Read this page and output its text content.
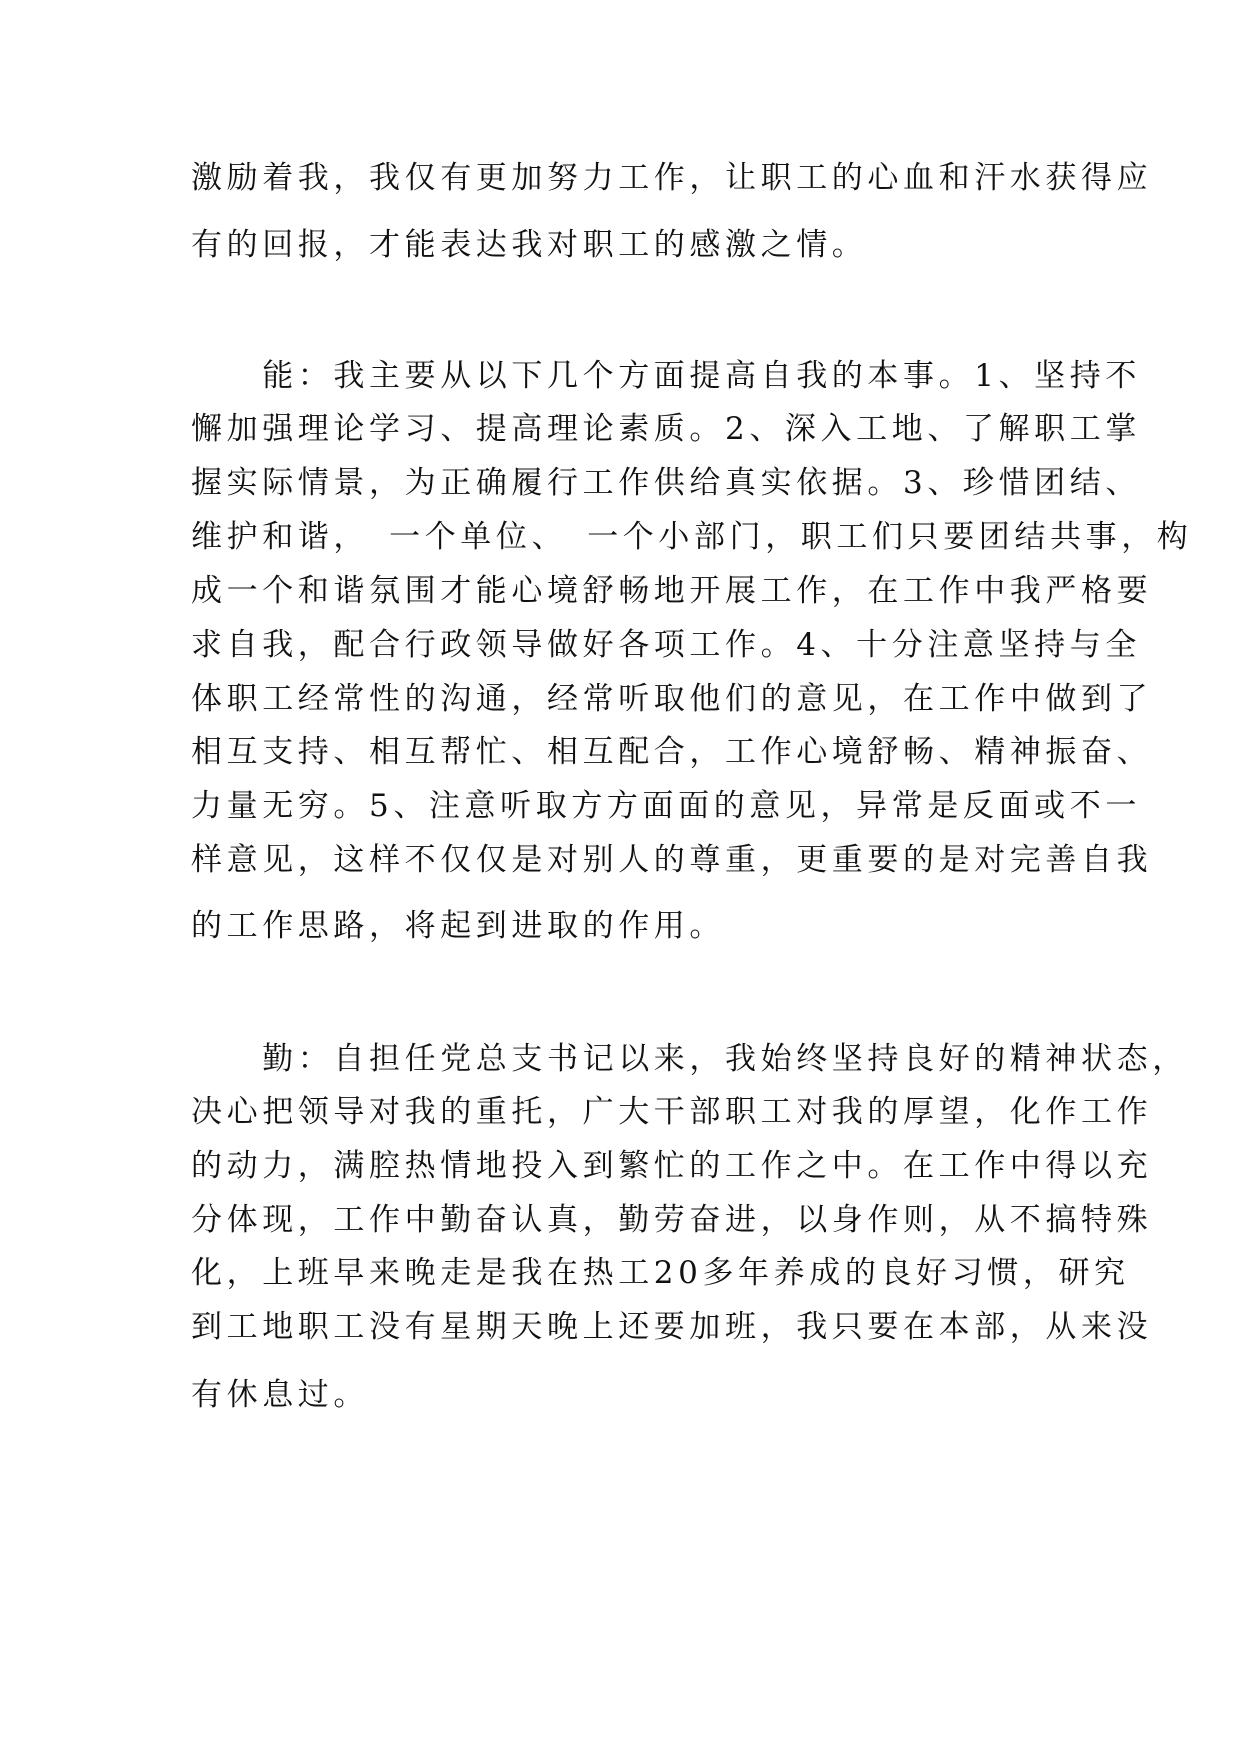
激励着我，我仅有更加努力工作，让职工的心血和汗水获得应
有的回报，才能表达我对职工的感激之情。
　　能：我主要从以下几个方面提高自我的本事。1、坚持不
懈加强理论学习、提高理论素质。2、深入工地、了解职工掌
握实际情景，为正确履行工作供给真实依据。3、珍惜团结、
维护和谐，　一个单位、　一个小部门，职工们只要团结共事，构
成一个和谐氛围才能心境舒畅地开展工作，在工作中我严格要
求自我，配合行政领导做好各项工作。4、十分注意坚持与全
体职工经常性的沟通，经常听取他们的意见，在工作中做到了
相互支持、相互帮忙、相互配合，工作心境舒畅、精神振奋、
力量无穷。5、注意听取方方面面的意见，异常是反面或不一
样意见，这样不仅仅是对别人的尊重，更重要的是对完善自我
的工作思路，将起到进取的作用。
　　勤：自担任党总支书记以来，我始终坚持良好的精神状态，
决心把领导对我的重托，广大干部职工对我的厚望，化作工作
的动力，满腔热情地投入到繁忙的工作之中。在工作中得以充
分体现，工作中勤奋认真，勤劳奋进，以身作则，从不搞特殊
化，上班早来晚走是我在热工20多年养成的良好习惯，研究
到工地职工没有星期天晚上还要加班，我只要在本部，从来没
有休息过。
